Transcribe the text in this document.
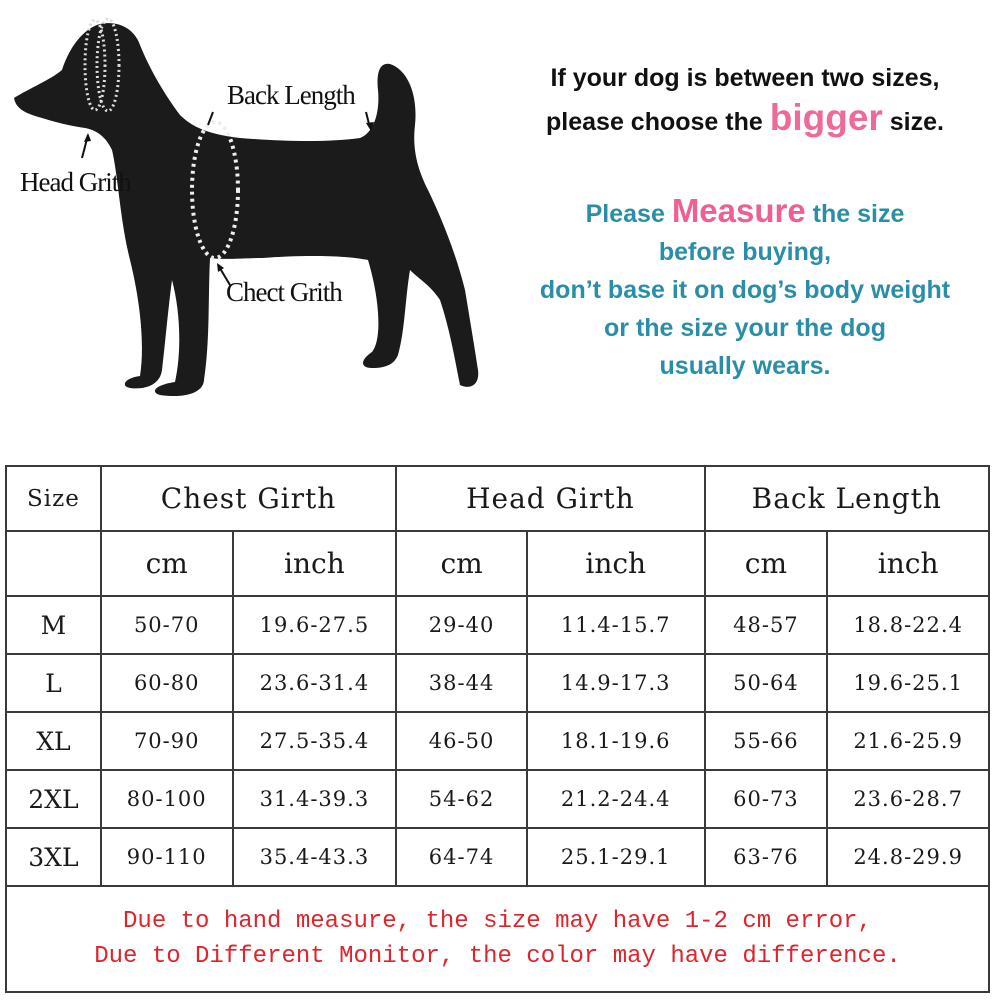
Back Length
Head Grith
Chect Grith
If your dog is between two sizes,
please choose the bigger size.
Please Measure the size
before buying,
don’t base it on dog’s body weight
or the size your the dog
usually wears.
Size	Chest Girth		Head Girth		Back Length	
	cm	inch	cm	inch	cm	inch
M	50-70	19.6-27.5	29-40	11.4-15.7	48-57	18.8-22.4
L	60-80	23.6-31.4	38-44	14.9-17.3	50-64	19.6-25.1
XL	70-90	27.5-35.4	46-50	18.1-19.6	55-66	21.6-25.9
2XL	80-100	31.4-39.3	54-62	21.2-24.4	60-73	23.6-28.7
3XL	90-110	35.4-43.3	64-74	25.1-29.1	63-76	24.8-29.9

Due to hand measure, the size may have 1-2 cm error,
Due to Different Monitor, the color may have difference.						
